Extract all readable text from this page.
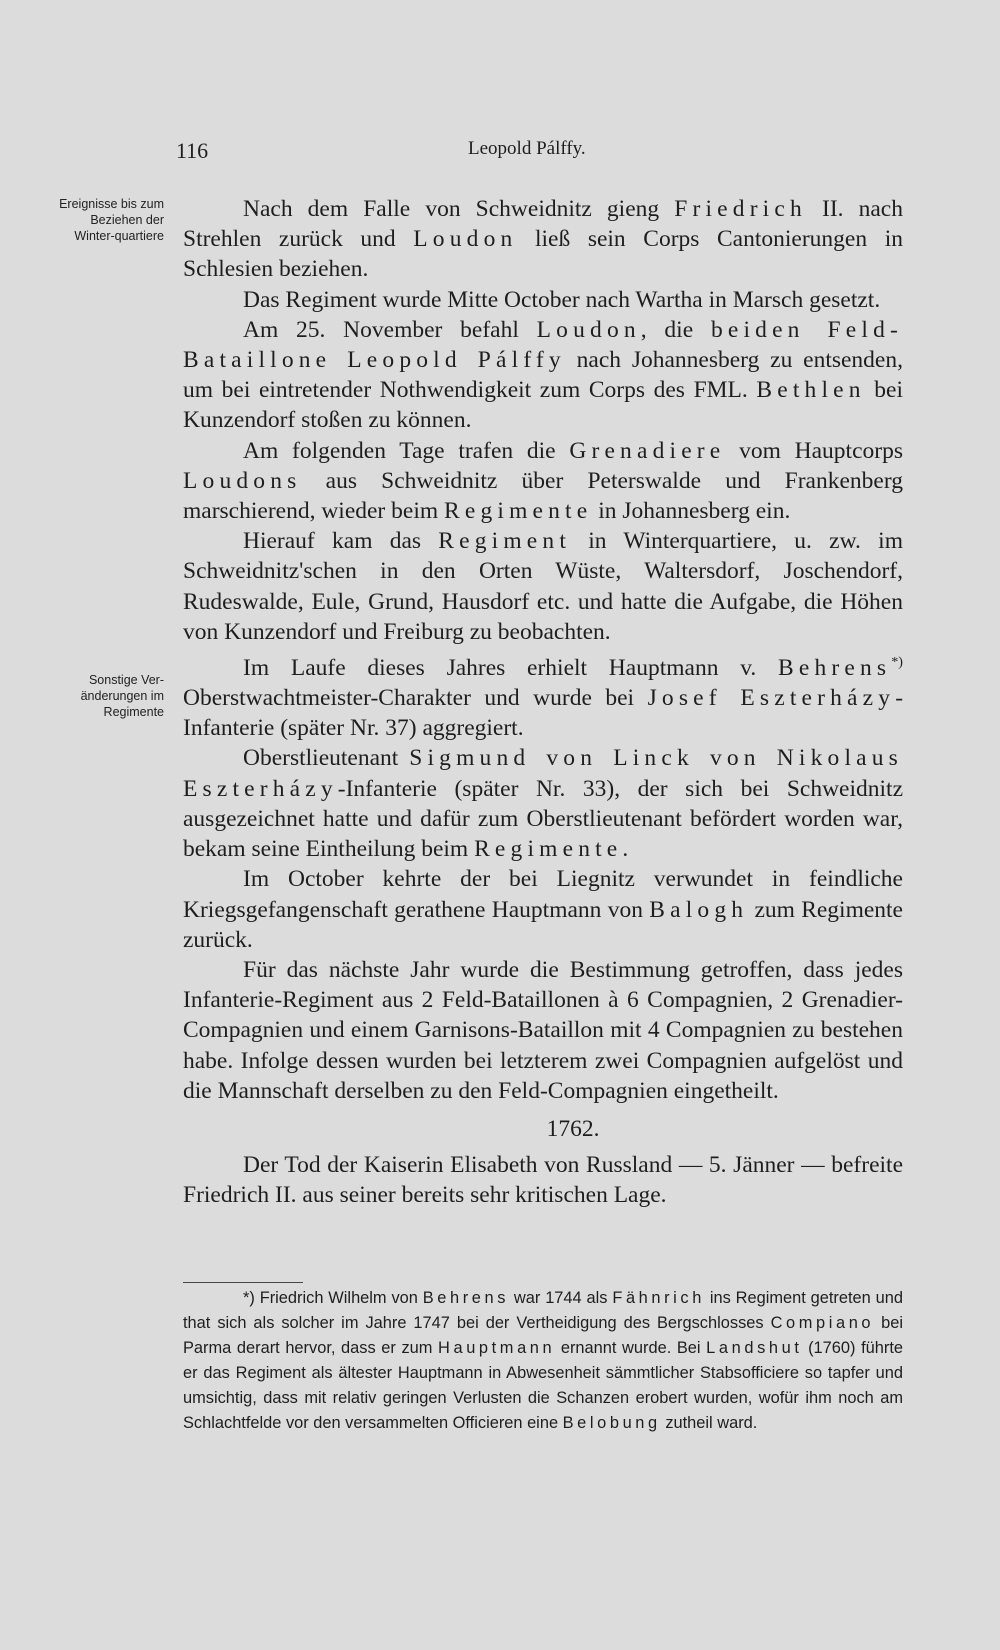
116	Leopold Pálffy.
Ereignisse bis zum Beziehen der Winter-quartiere
Sonstige Ver-änderungen im Regimente

Nach dem Falle von Schweidnitz gieng Friedrich II. nach Strehlen zurück und Loudon ließ sein Corps Cantonierungen in Schlesien beziehen.

Das Regiment wurde Mitte October nach Wartha in Marsch gesetzt.

Am 25. November befahl Loudon, die beiden Feld-Bataillone Leopold Pálffy nach Johannesberg zu entsenden, um bei eintretender Nothwendigkeit zum Corps des FML. Bethlen bei Kunzendorf stoßen zu können.

Am folgenden Tage trafen die Grenadiere vom Hauptcorps Loudons aus Schweidnitz über Peterswalde und Frankenberg marschierend, wieder beim Regimente in Johannesberg ein.

Hierauf kam das Regiment in Winterquartiere, u. zw. im Schweidnitz'schen in den Orten Wüste, Waltersdorf, Joschendorf, Rudeswalde, Eule, Grund, Hausdorf etc. und hatte die Aufgabe, die Höhen von Kunzendorf und Freiburg zu beobachten.

Im Laufe dieses Jahres erhielt Hauptmann v. Behrens*) Oberstwachtmeister-Charakter und wurde bei Josef Eszterházy-Infanterie (später Nr. 37) aggregiert.

Oberstlieutenant Sigmund von Linck von Nikolaus Eszterházy-Infanterie (später Nr. 33), der sich bei Schweidnitz ausgezeichnet hatte und dafür zum Oberstlieutenant befördert worden war, bekam seine Eintheilung beim Regimente.

Im October kehrte der bei Liegnitz verwundet in feindliche Kriegsgefangenschaft gerathene Hauptmann von Balogh zum Regimente zurück.

Für das nächste Jahr wurde die Bestimmung getroffen, dass jedes Infanterie-Regiment aus 2 Feld-Bataillonen à 6 Compagnien, 2 Grenadier-Compagnien und einem Garnisons-Bataillon mit 4 Compagnien zu bestehen habe. Infolge dessen wurden bei letzterem zwei Compagnien aufgelöst und die Mannschaft derselben zu den Feld-Compagnien eingetheilt.

1762.

Der Tod der Kaiserin Elisabeth von Russland — 5. Jänner — befreite Friedrich II. aus seiner bereits sehr kritischen Lage.

*) Friedrich Wilhelm von Behrens war 1744 als Fähnrich ins Regiment getreten und that sich als solcher im Jahre 1747 bei der Vertheidigung des Bergschlosses Compiano bei Parma derart hervor, dass er zum Hauptmann ernannt wurde. Bei Landshut (1760) führte er das Regiment als ältester Hauptmann in Abwesenheit sämmtlicher Stabsofficiere so tapfer und umsichtig, dass mit relativ geringen Verlusten die Schanzen erobert wurden, wofür ihm noch am Schlachtfelde vor den versammelten Officieren eine Belobung zutheil ward.
